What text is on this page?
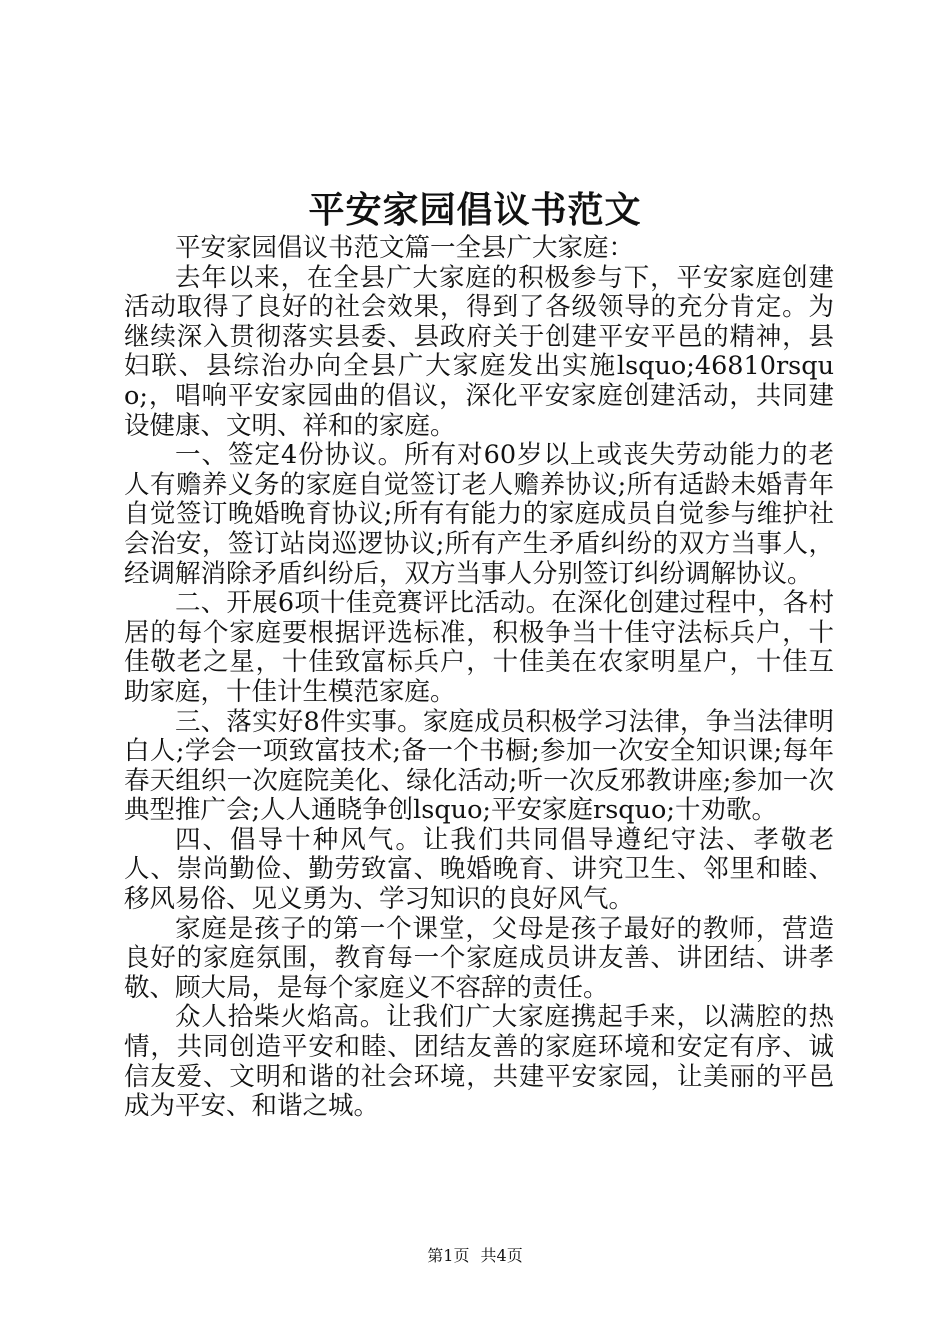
平安家园倡议书范文

平安家园倡议书范文篇一全县广大家庭：

去年以来，在全县广大家庭的积极参与下，平安家庭创建活动取得了良好的社会效果，得到了各级领导的充分肯定。为继续深入贯彻落实县委、县政府关于创建平安平邑的精神，县妇联、县综治办向全县广大家庭发出实施lsquo;46810rsquo;，唱响平安家园曲的倡议，深化平安家庭创建活动，共同建设健康、文明、祥和的家庭。

一、签定4份协议。所有对60岁以上或丧失劳动能力的老人有赡养义务的家庭自觉签订老人赡养协议;所有适龄未婚青年自觉签订晚婚晚育协议;所有有能力的家庭成员自觉参与维护社会治安，签订站岗巡逻协议;所有产生矛盾纠纷的双方当事人，经调解消除矛盾纠纷后，双方当事人分别签订纠纷调解协议。

二、开展6项十佳竞赛评比活动。在深化创建过程中，各村居的每个家庭要根据评选标准，积极争当十佳守法标兵户，十佳敬老之星，十佳致富标兵户，十佳美在农家明星户，十佳互助家庭，十佳计生模范家庭。

三、落实好8件实事。家庭成员积极学习法律，争当法律明白人;学会一项致富技术;备一个书橱;参加一次安全知识课;每年春天组织一次庭院美化、绿化活动;听一次反邪教讲座;参加一次典型推广会;人人通晓争创lsquo;平安家庭rsquo;十劝歌。

四、倡导十种风气。让我们共同倡导遵纪守法、孝敬老人、崇尚勤俭、勤劳致富、晚婚晚育、讲究卫生、邻里和睦、移风易俗、见义勇为、学习知识的良好风气。

家庭是孩子的第一个课堂，父母是孩子最好的教师，营造良好的家庭氛围，教育每一个家庭成员讲友善、讲团结、讲孝敬、顾大局，是每个家庭义不容辞的责任。

众人拾柴火焰高。让我们广大家庭携起手来，以满腔的热情，共同创造平安和睦、团结友善的家庭环境和安定有序、诚信友爱、文明和谐的社会环境，共建平安家园，让美丽的平邑成为平安、和谐之城。

第1页 共4页
